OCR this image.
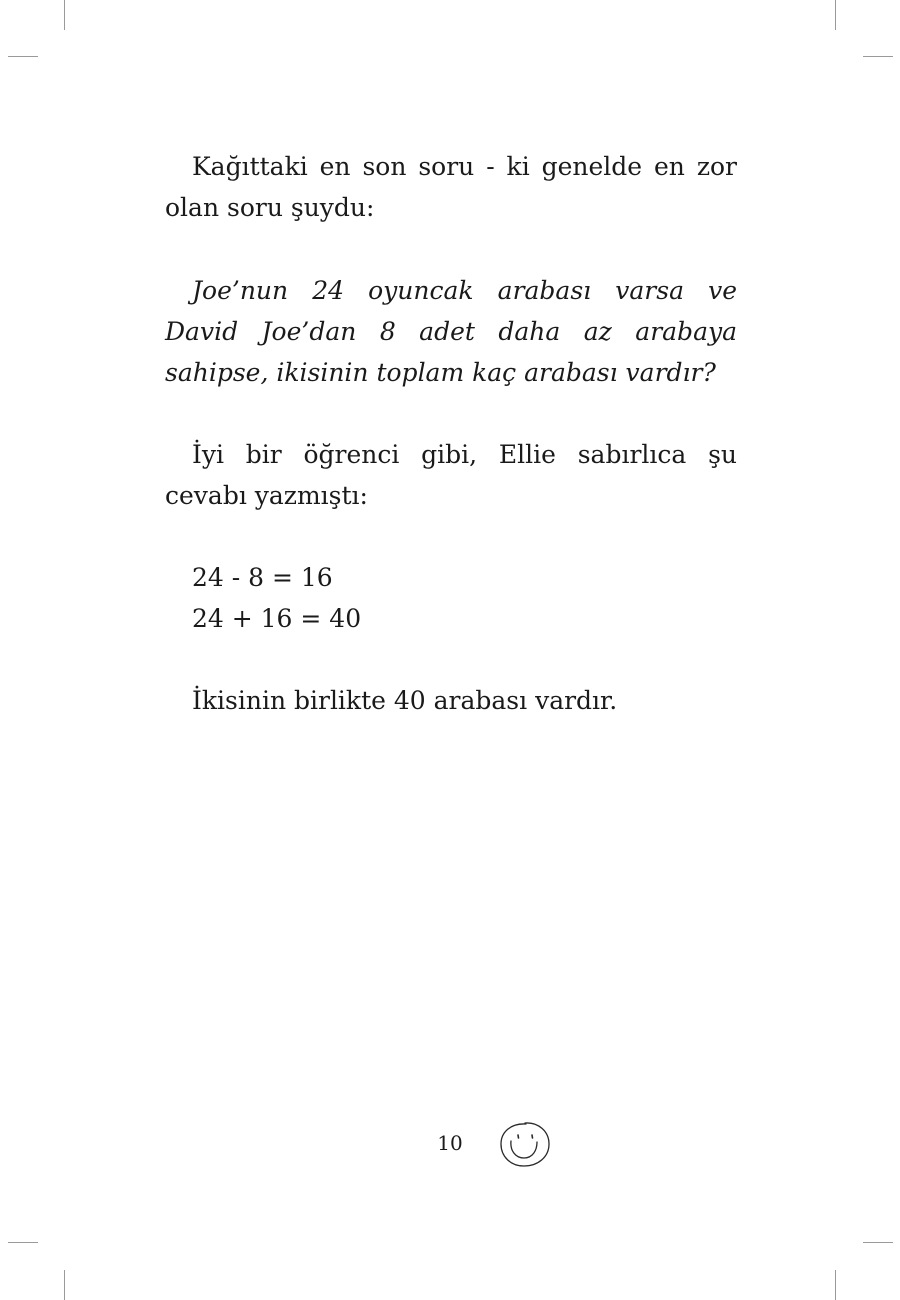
Kağıttaki en son soru - ki genelde en zor olan soru şuydu:

Joe’nun 24 oyuncak arabası varsa ve David Joe’dan 8 adet daha az arabaya sahipse, ikisinin toplam kaç arabası vardır?

İyi bir öğrenci gibi, Ellie sabırlıca şu cevabı yazmıştı:

24 - 8 = 16

24 + 16 = 40

İkisinin birlikte 40 arabası vardır.

10
